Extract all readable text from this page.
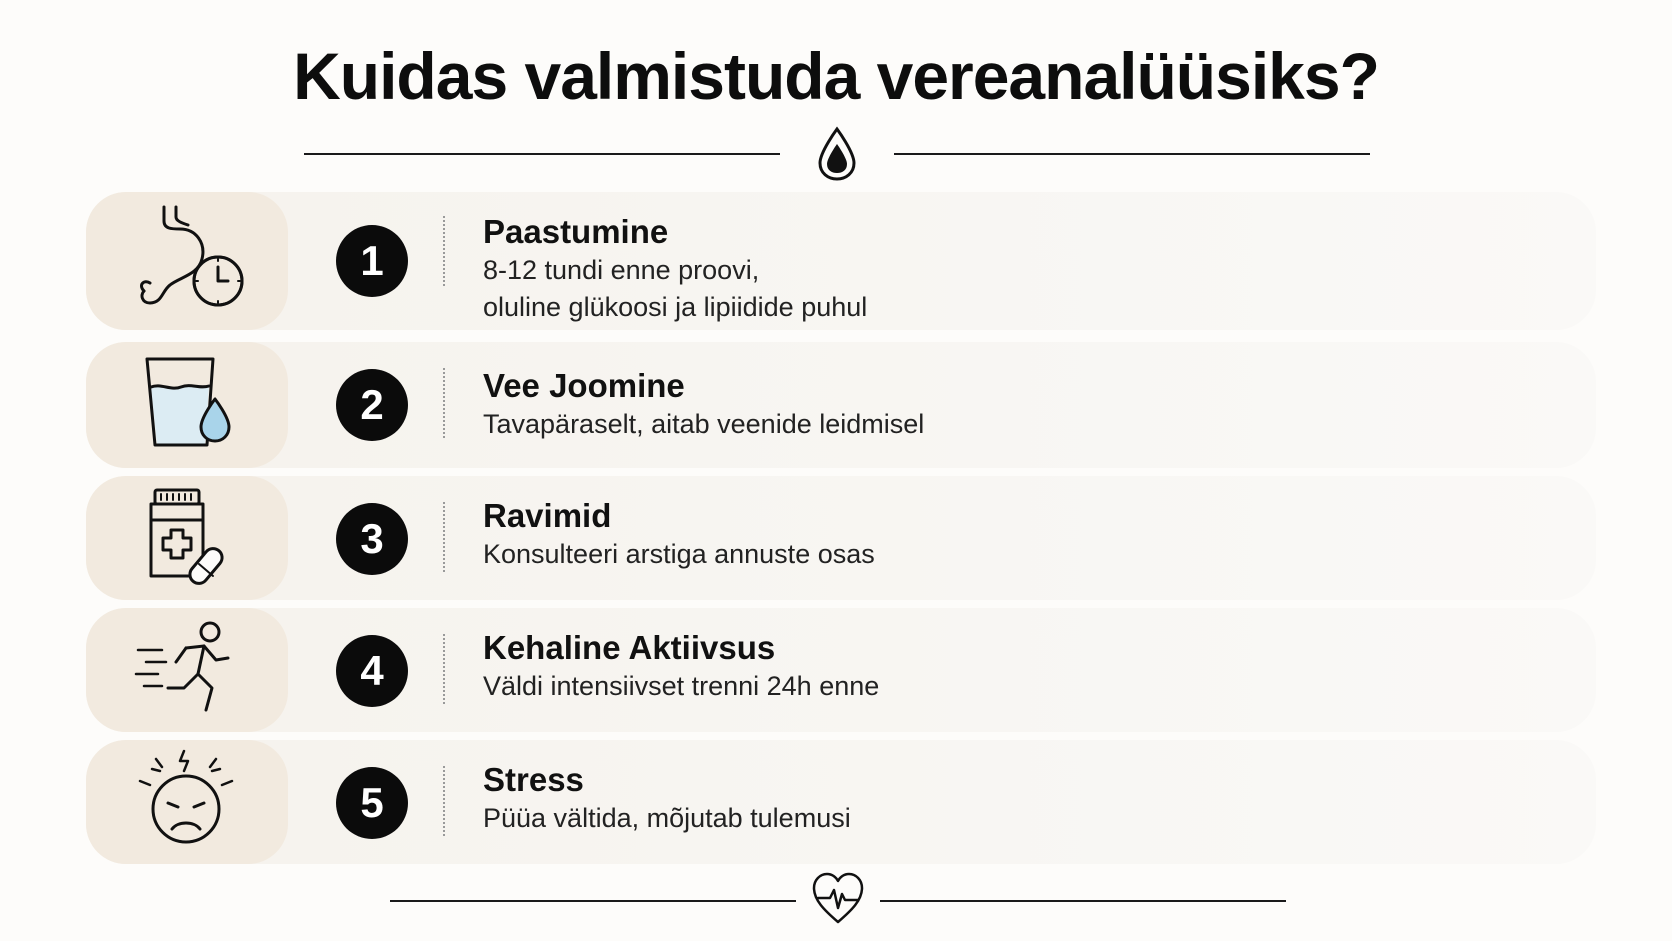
Kuidas valmistuda vereanalüüsiks?
1
Paastumine
8-12 tundi enne proovi,
oluline glükoosi ja lipiidide puhul
2	Vee Joomine
Tavapäraselt, aitab veenide leidmisel
3	Ravimid
Konsulteeri arstiga annuste osas
4	Kehaline Aktiivsus
Väldi intensiivset trenni 24h enne
5	Stress
Püüa vältida, mõjutab tulemusi
